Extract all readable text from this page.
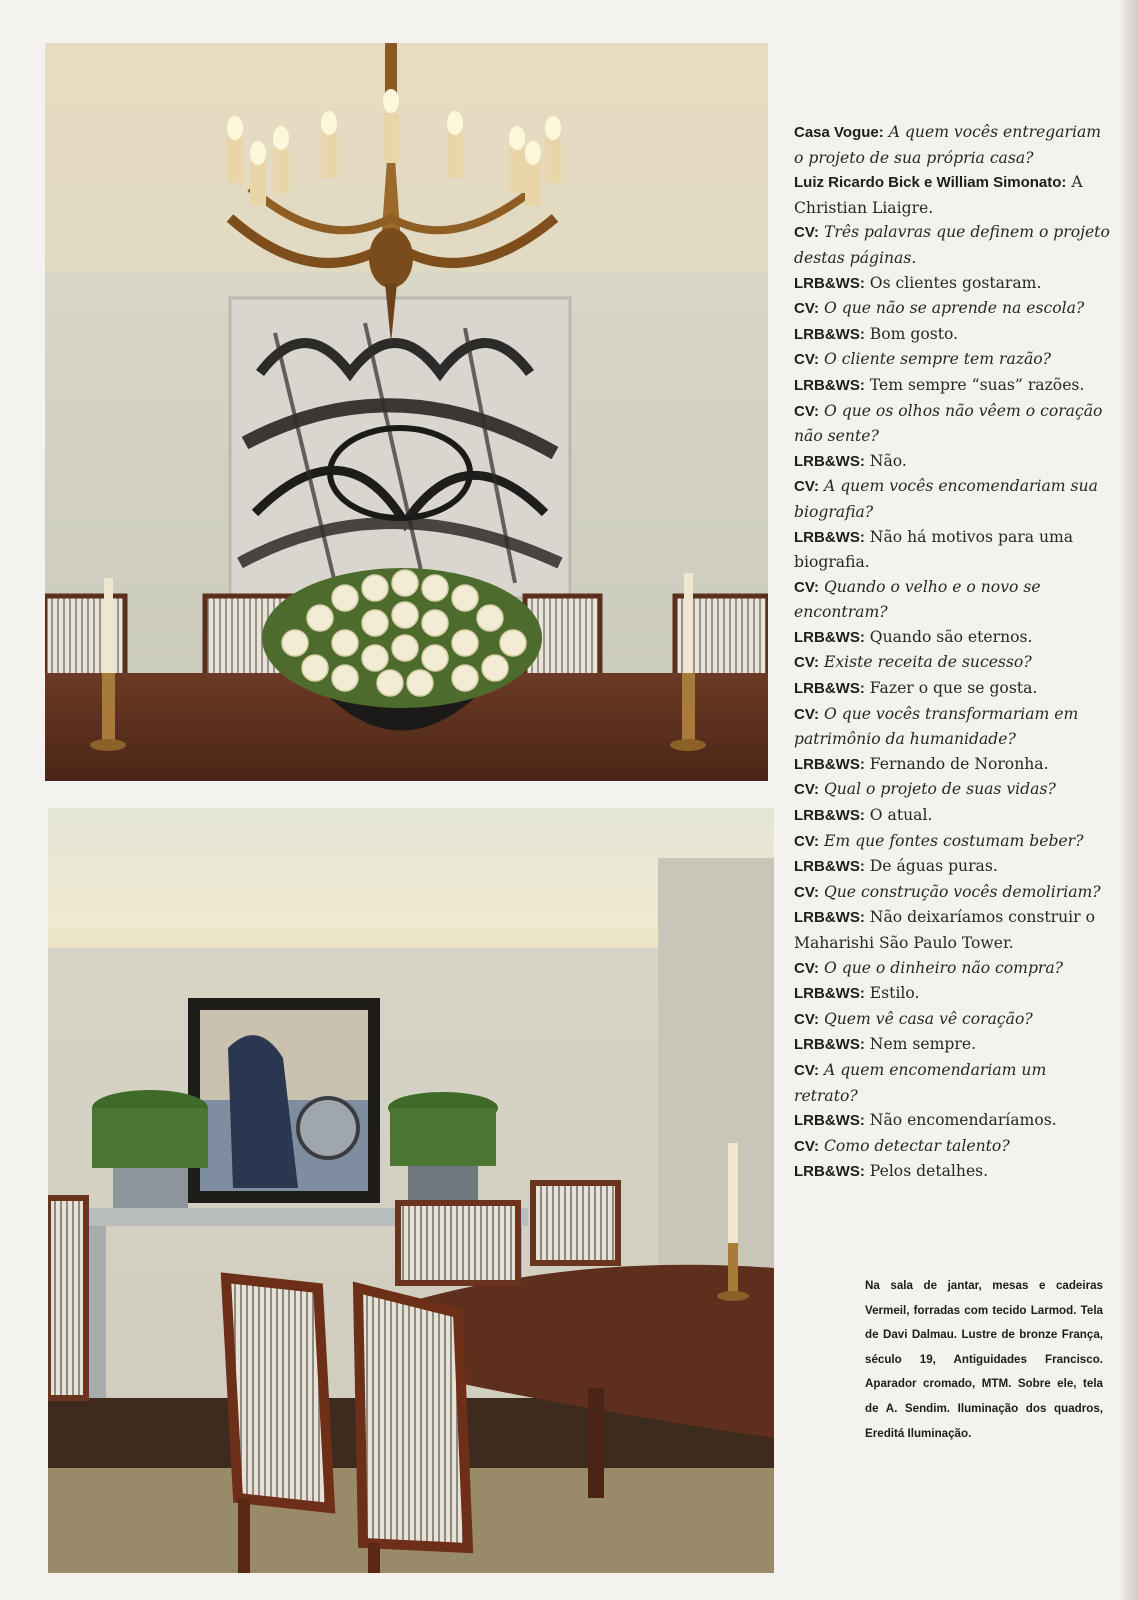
Casa Vogue: A quem vocês entregariam o projeto de sua própria casa?

Luiz Ricardo Bick e William Simonato: A Christian Liaigre.

CV: Três palavras que definem o projeto destas páginas.

LRB&WS: Os clientes gostaram.

CV: O que não se aprende na escola?

LRB&WS: Bom gosto.

CV: O cliente sempre tem razão?

LRB&WS: Tem sempre “suas” razões.

CV: O que os olhos não vêem o coração não sente?

LRB&WS: Não.

CV: A quem vocês encomendariam sua biografia?

LRB&WS: Não há motivos para uma biografia.

CV: Quando o velho e o novo se encontram?

LRB&WS: Quando são eternos.

CV: Existe receita de sucesso?

LRB&WS: Fazer o que se gosta.

CV: O que vocês transformariam em patrimônio da humanidade?

LRB&WS: Fernando de Noronha.

CV: Qual o projeto de suas vidas?

LRB&WS: O atual.

CV: Em que fontes costumam beber?

LRB&WS: De águas puras.

CV: Que construção vocês demoliriam?

LRB&WS: Não deixaríamos construir o Maharishi São Paulo Tower.

CV: O que o dinheiro não compra?

LRB&WS: Estilo.

CV: Quem vê casa vê coração?

LRB&WS: Nem sempre.

CV: A quem encomendariam um retrato?

LRB&WS: Não encomendaríamos.

CV: Como detectar talento?

LRB&WS: Pelos detalhes.

Na sala de jantar, mesas e cadeiras Vermeil, forradas com tecido Larmod. Tela de Davi Dalmau. Lustre de bronze França, século 19, Antiguidades Francisco. Aparador cromado, MTM. Sobre ele, tela de A. Sendim. Iluminação dos quadros, Ereditá Iluminação.
